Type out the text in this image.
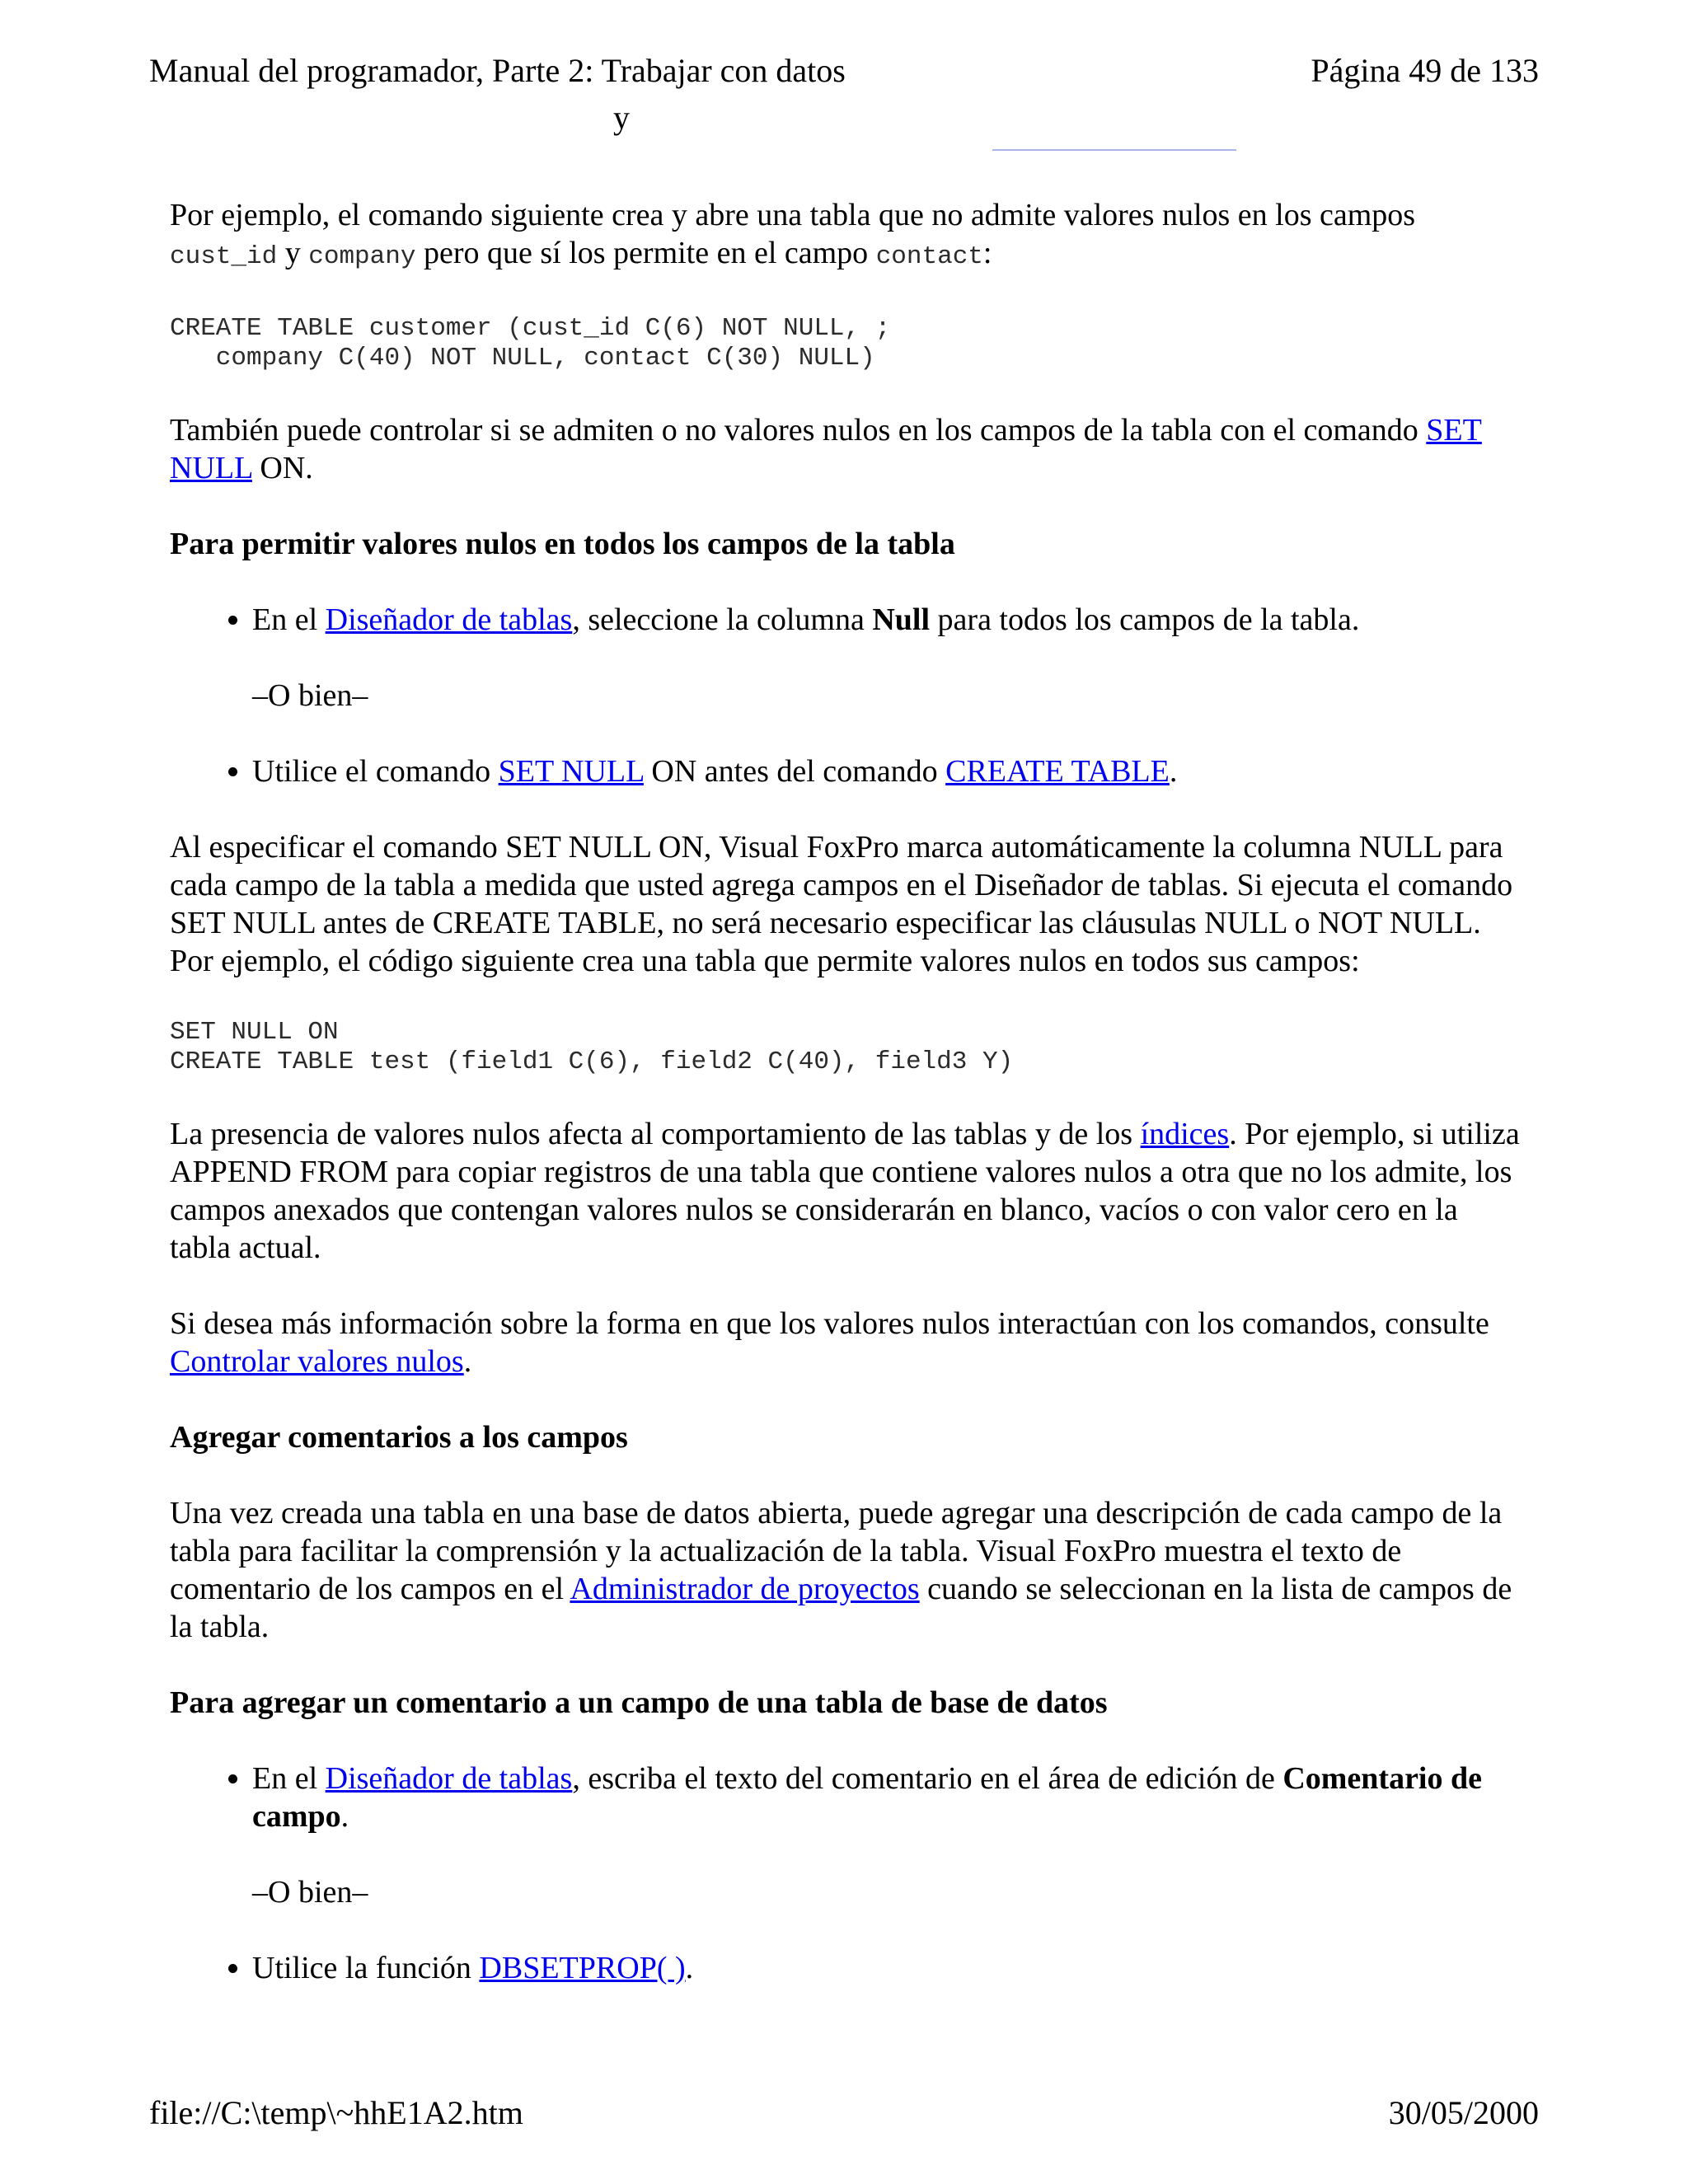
Manual del programador, Parte 2: Trabajar con datos	Página 49 de 133
y

Por ejemplo, el comando siguiente crea y abre una tabla que no admite valores nulos en los campos cust_id y company pero que sí los permite en el campo contact:

CREATE TABLE customer (cust_id C(6) NOT NULL, ;
company C(40) NOT NULL, contact C(30) NULL)

También puede controlar si se admiten o no valores nulos en los campos de la tabla con el comando SET NULL ON.

Para permitir valores nulos en todos los campos de la tabla

• En el Diseñador de tablas, seleccione la columna Null para todos los campos de la tabla.

–O bien–

• Utilice el comando SET NULL ON antes del comando CREATE TABLE.

Al especificar el comando SET NULL ON, Visual FoxPro marca automáticamente la columna NULL para cada campo de la tabla a medida que usted agrega campos en el Diseñador de tablas. Si ejecuta el comando SET NULL antes de CREATE TABLE, no será necesario especificar las cláusulas NULL o NOT NULL. Por ejemplo, el código siguiente crea una tabla que permite valores nulos en todos sus campos:

SET NULL ON
CREATE TABLE test (field1 C(6), field2 C(40), field3 Y)

La presencia de valores nulos afecta al comportamiento de las tablas y de los índices. Por ejemplo, si utiliza APPEND FROM para copiar registros de una tabla que contiene valores nulos a otra que no los admite, los campos anexados que contengan valores nulos se considerarán en blanco, vacíos o con valor cero en la tabla actual.

Si desea más información sobre la forma en que los valores nulos interactúan con los comandos, consulte Controlar valores nulos.

Agregar comentarios a los campos

Una vez creada una tabla en una base de datos abierta, puede agregar una descripción de cada campo de la tabla para facilitar la comprensión y la actualización de la tabla. Visual FoxPro muestra el texto de comentario de los campos en el Administrador de proyectos cuando se seleccionan en la lista de campos de la tabla.

Para agregar un comentario a un campo de una tabla de base de datos

• En el Diseñador de tablas, escriba el texto del comentario en el área de edición de Comentario de campo.

–O bien–

• Utilice la función DBSETPROP( ).

file://C:\temp\~hhE1A2.htm	30/05/2000
